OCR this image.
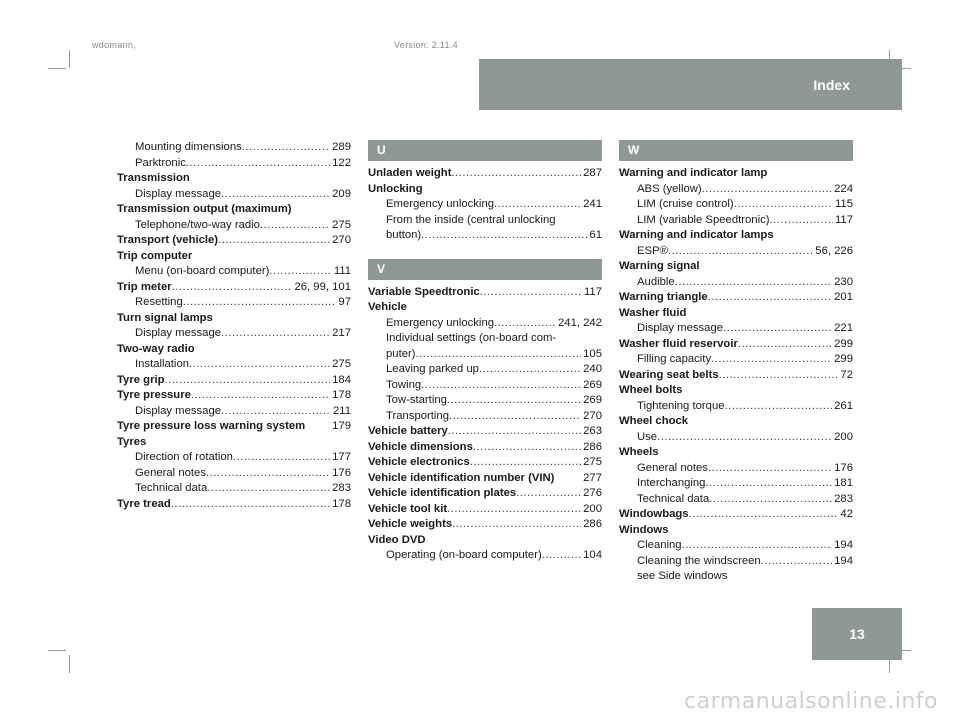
wdomann,	Version: 2.11.4
Index
13
Mounting dimensions .....	289
Parktronic .....	122
Transmission
Display message .....	209
Transmission output (maximum)
Telephone/two-way radio .....	275
Transport (vehicle) .....	270
Trip computer
Menu (on-board computer) .....	111
Trip meter .....	26, 99, 101
Resetting .....	97
Turn signal lamps
Display message .....	217
Two-way radio
Installation .....	275
Tyre grip .....	184
Tyre pressure .....	178
Display message .....	211
Tyre pressure loss warning system 179
Tyres
Direction of rotation .....	177
General notes .....	176
Technical data .....	283
Tyre tread .....	178
U
Unladen weight .....	287
Unlocking
Emergency unlocking .....	241
From the inside (central unlocking
button) .....	61
V
Variable Speedtronic .....	117
Vehicle
Emergency unlocking .....	241, 242
Individual settings (on-board com-
puter) .....	105
Leaving parked up .....	240
Towing .....	269
Tow-starting .....	269
Transporting .....	270
Vehicle battery .....	263
Vehicle dimensions .....	286
Vehicle electronics .....	275
Vehicle identification number (VIN)	277
Vehicle identification plates .....	276
Vehicle tool kit .....	200
Vehicle weights .....	286
Video DVD
Operating (on-board computer) .....	104
W
Warning and indicator lamp
ABS (yellow) .....	224
LIM (cruise control) .....	115
LIM (variable Speedtronic) .....	117
Warning and indicator lamps
ESP® .....	56, 226
Warning signal
Audible .....	230
Warning triangle .....	201
Washer fluid
Display message .....	221
Washer fluid reservoir .....	299
Filling capacity .....	299
Wearing seat belts .....	72
Wheel bolts
Tightening torque .....	261
Wheel chock
Use .....	200
Wheels
General notes .....	176
Interchanging .....	181
Technical data .....	283
Windowbags .....	42
Windows
Cleaning .....	194
Cleaning the windscreen .....	194
see Side windows
carmanualsonline.info
